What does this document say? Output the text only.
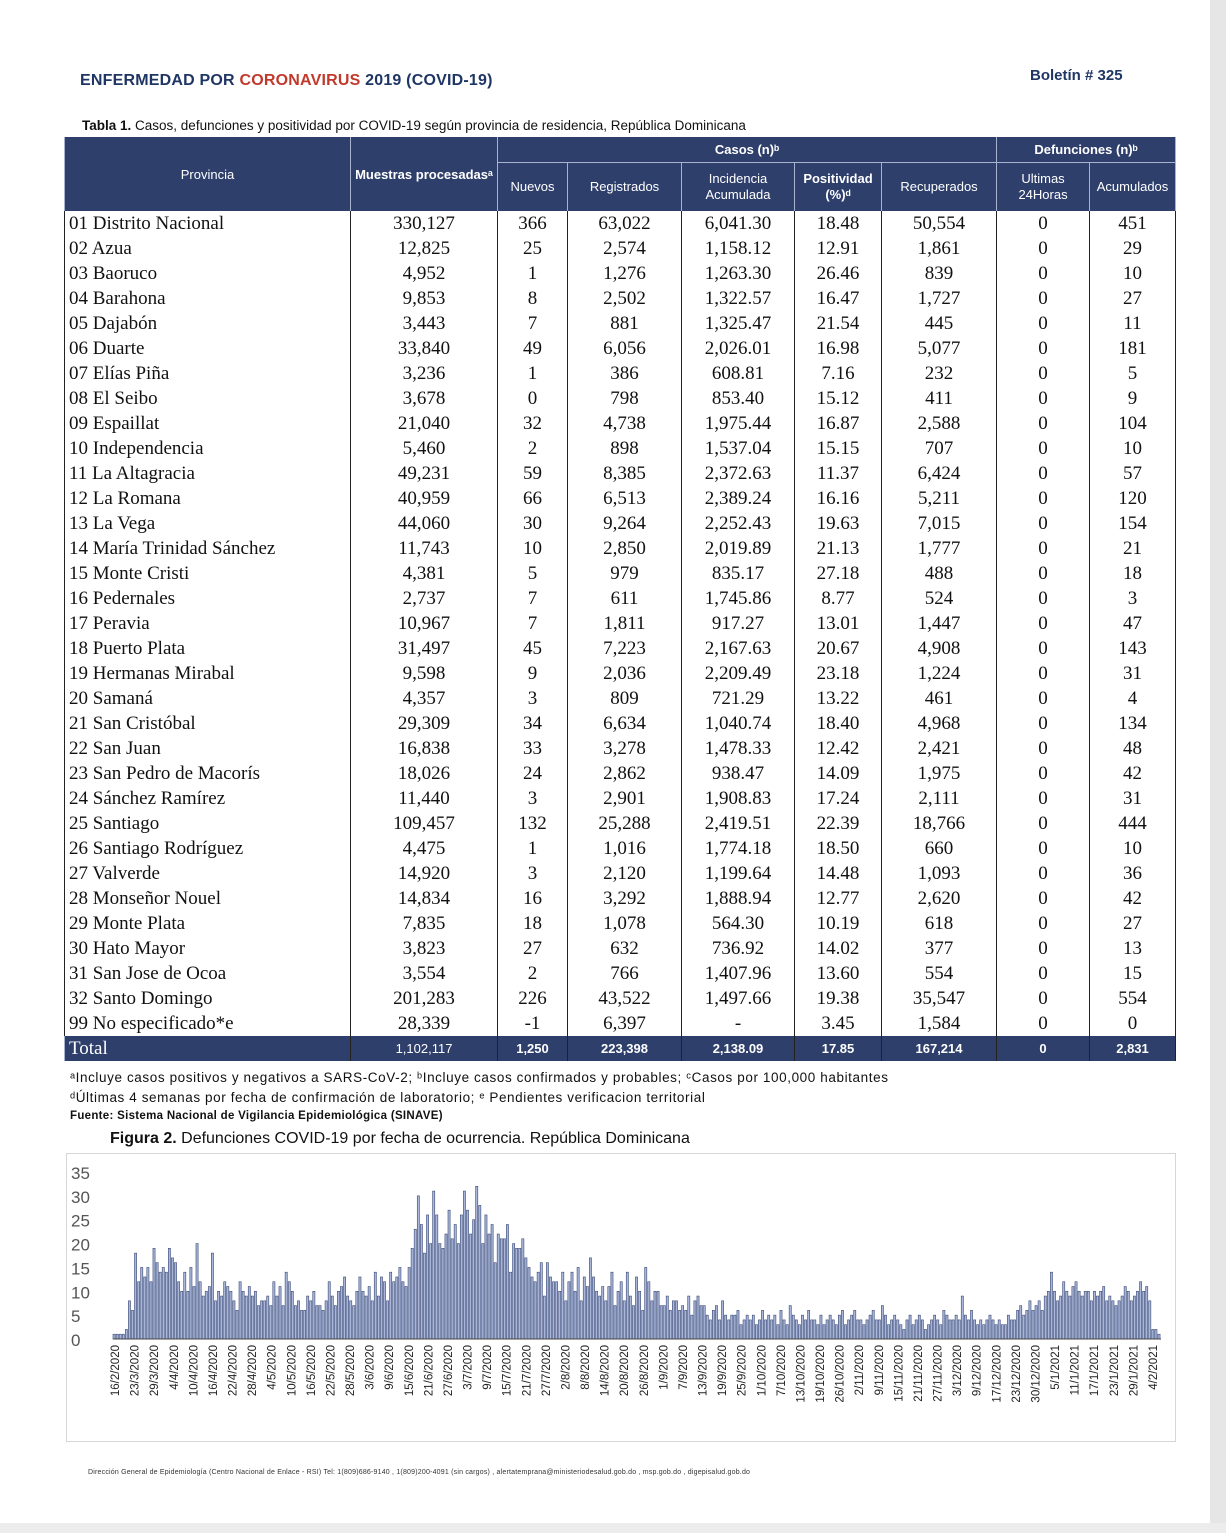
ENFERMEDAD POR CORONAVIRUS 2019 (COVID-19)	Boletín # 325
Tabla 1. Casos, defunciones y positividad por COVID-19 según provincia de residencia, República Dominicana
Provincia	Muestras procesadasᵃ	Casos (n)ᵇ					Defunciones (n)ᵇ	
		Nuevos	Registrados	Incidencia Acumulada	Positividad (%)ᵈ	Recuperados	Ultimas 24Horas	Acumulados
01 Distrito Nacional	330,127	366	63,022	6,041.30	18.48	50,554	0	451
02 Azua	12,825	25	2,574	1,158.12	12.91	1,861	0	29
03 Baoruco	4,952	1	1,276	1,263.30	26.46	839	0	10
04 Barahona	9,853	8	2,502	1,322.57	16.47	1,727	0	27
05 Dajabón	3,443	7	881	1,325.47	21.54	445	0	11
06 Duarte	33,840	49	6,056	2,026.01	16.98	5,077	0	181
07 Elías Piña	3,236	1	386	608.81	7.16	232	0	5
08 El Seibo	3,678	0	798	853.40	15.12	411	0	9
09 Espaillat	21,040	32	4,738	1,975.44	16.87	2,588	0	104
10 Independencia	5,460	2	898	1,537.04	15.15	707	0	10
11 La Altagracia	49,231	59	8,385	2,372.63	11.37	6,424	0	57
12 La Romana	40,959	66	6,513	2,389.24	16.16	5,211	0	120
13 La Vega	44,060	30	9,264	2,252.43	19.63	7,015	0	154
14 María Trinidad Sánchez	11,743	10	2,850	2,019.89	21.13	1,777	0	21
15 Monte Cristi	4,381	5	979	835.17	27.18	488	0	18
16 Pedernales	2,737	7	611	1,745.86	8.77	524	0	3
17 Peravia	10,967	7	1,811	917.27	13.01	1,447	0	47
18 Puerto Plata	31,497	45	7,223	2,167.63	20.67	4,908	0	143
19 Hermanas Mirabal	9,598	9	2,036	2,209.49	23.18	1,224	0	31
20 Samaná	4,357	3	809	721.29	13.22	461	0	4
21 San Cristóbal	29,309	34	6,634	1,040.74	18.40	4,968	0	134
22 San Juan	16,838	33	3,278	1,478.33	12.42	2,421	0	48
23 San Pedro de Macorís	18,026	24	2,862	938.47	14.09	1,975	0	42
24 Sánchez Ramírez	11,440	3	2,901	1,908.83	17.24	2,111	0	31
25 Santiago	109,457	132	25,288	2,419.51	22.39	18,766	0	444
26 Santiago Rodríguez	4,475	1	1,016	1,774.18	18.50	660	0	10
27 Valverde	14,920	3	2,120	1,199.64	14.48	1,093	0	36
28 Monseñor Nouel	14,834	16	3,292	1,888.94	12.77	2,620	0	42
29 Monte Plata	7,835	18	1,078	564.30	10.19	618	0	27
30 Hato Mayor	3,823	27	632	736.92	14.02	377	0	13
31 San Jose de Ocoa	3,554	2	766	1,407.96	13.60	554	0	15
32 Santo Domingo	201,283	226	43,522	1,497.66	19.38	35,547	0	554
99 No especificado*e	28,339	-1	6,397	-	3.45	1,584	0	0
Total	1,102,117	1,250	223,398	2,138.09	17.85	167,214	0	2,831
ᵃIncluye casos positivos y negativos a SARS-CoV-2; ᵇIncluye casos confirmados y probables; ᶜCasos por 100,000 habitantes
ᵈÚltimas 4 semanas por fecha de confirmación de laboratorio; ᵉ Pendientes verificacion territorial
Fuente: Sistema Nacional de Vigilancia Epidemiológica (SINAVE)
Figura 2. Defunciones COVID-19 por fecha de ocurrencia. República Dominicana
0
5
10
15
20
25
30
35
16/2/2020 23/3/2020 29/3/2020 4/4/2020 10/4/2020 16/4/2020 22/4/2020 28/4/2020 4/5/2020 10/5/2020 16/5/2020 22/5/2020 28/5/2020 3/6/2020 9/6/2020 15/6/2020 21/6/2020 27/6/2020 3/7/2020 9/7/2020 15/7/2020 21/7/2020 27/7/2020 2/8/2020 8/8/2020 14/8/2020 20/8/2020 26/8/2020 1/9/2020 7/9/2020 13/9/2020 19/9/2020 25/9/2020 1/10/2020 7/10/2020 13/10/2020 19/10/2020 26/10/2020 2/11/2020 9/11/2020 15/11/2020 21/11/2020 27/11/2020 3/12/2020 9/12/2020 17/12/2020 23/12/2020 30/12/2020 5/1/2021 11/1/2021 17/1/2021 23/1/2021 29/1/2021 4/2/2021
Dirección General de Epidemiología (Centro Nacional de Enlace - RSI) Tel: 1(809)686-9140 , 1(809)200-4091 (sin cargos) , alertatemprana@ministeriodesalud.gob.do , msp.gob.do , digepisalud.gob.do
